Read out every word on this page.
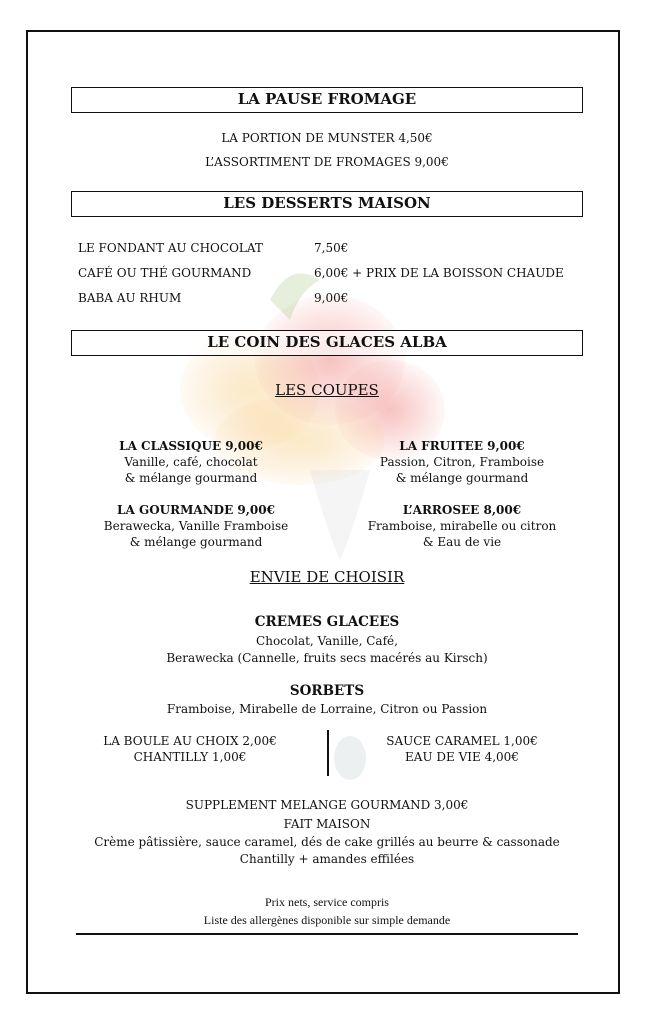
LA PAUSE FROMAGE
LA PORTION DE MUNSTER 4,50€
L’ASSORTIMENT DE FROMAGES 9,00€
LES DESSERTS MAISON
LE FONDANT AU CHOCOLAT	7,50€
CAFÉ OU THÉ GOURMAND	6,00€ + PRIX DE LA BOISSON CHAUDE
BABA AU RHUM	9,00€
LE COIN DES GLACES ALBA
LES COUPES
LA CLASSIQUE 9,00€
Vanille, café, chocolat
& mélange gourmand
LA FRUITEE 9,00€
Passion, Citron, Framboise
& mélange gourmand
LA GOURMANDE 9,00€
Berawecka, Vanille Framboise
& mélange gourmand
L’ARROSEE 8,00€
Framboise, mirabelle ou citron
& Eau de vie
ENVIE DE CHOISIR
CREMES GLACEES
Chocolat, Vanille, Café,
Berawecka (Cannelle, fruits secs macérés au Kirsch)
SORBETS
Framboise, Mirabelle de Lorraine, Citron ou Passion
LA BOULE AU CHOIX 2,00€
CHANTILLY 1,00€
SAUCE CARAMEL 1,00€
EAU DE VIE 4,00€
SUPPLEMENT MELANGE GOURMAND 3,00€
FAIT MAISON
Crème pâtissière, sauce caramel, dés de cake grillés au beurre & cassonade
Chantilly + amandes effilées
Prix nets, service compris
Liste des allergènes disponible sur simple demande
